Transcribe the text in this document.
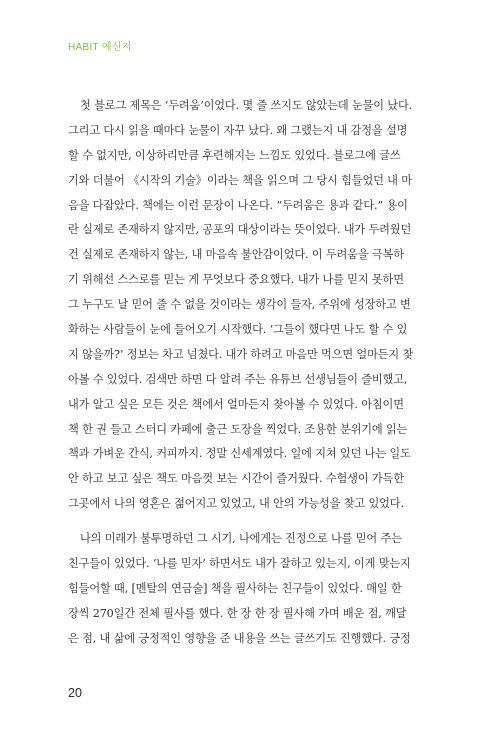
HABIT 예신저
첫 블로그 제목은 ‘두려움’이었다. 몇 줄 쓰지도 않았는데 눈물이 났다.
그리고 다시 읽을 때마다 눈물이 자꾸 났다. 왜 그랬는지 내 감정을 설명
할 수 없지만, 이상하리만큼 후련해지는 느낌도 있었다. 블로그에 글쓰
기와 더불어 《시작의 기술》이라는 책을 읽으며 그 당시 힘들었던 내 마
음을 다잡았다. 책에는 이런 문장이 나온다. “두려움은 용과 같다.” 용이
란 실제로 존재하지 않지만, 공포의 대상이라는 뜻이었다. 내가 두려웠던
건 실제로 존재하지 않는, 내 마음속 불안감이었다. 이 두려움을 극복하
기 위해선 스스로를 믿는 게 무엇보다 중요했다. 내가 나를 믿지 못하면
그 누구도 날 믿어 줄 수 없을 것이라는 생각이 들자, 주위에 성장하고 변
화하는 사람들이 눈에 들어오기 시작했다. ‘그들이 했다면 나도 할 수 있
지 않을까?’ 정보는 차고 넘쳤다. 내가 하려고 마음만 먹으면 얼마든지 찾
아볼 수 있었다. 검색만 하면 다 알려 주는 유튜브 선생님들이 즐비했고,
내가 알고 싶은 모든 것은 책에서 얼마든지 찾아볼 수 있었다. 아침이면
책 한 권 들고 스터디 카페에 출근 도장을 찍었다. 조용한 분위기에 읽는
책과 가벼운 간식, 커피까지. 정말 신세계였다. 일에 지쳐 있던 나는 일도
안 하고 보고 싶은 책도 마음껏 보는 시간이 즐거웠다. 수험생이 가득한
그곳에서 나의 영혼은 젊어지고 있었고, 내 안의 가능성을 찾고 있었다.
나의 미래가 불투명하던 그 시기, 나에게는 진정으로 나를 믿어 주는
친구들이 있었다. ‘나를 믿자’ 하면서도 내가 잘하고 있는지, 이게 맞는지
힘들어할 때, [멘탈의 연금술] 책을 필사하는 친구들이 있었다. 매일 한
장씩 270일간 전체 필사를 했다. 한 장 한 장 필사해 가며 배운 점, 깨달
은 점, 내 삶에 긍정적인 영향을 준 내용을 쓰는 글쓰기도 진행했다. 긍정
20
